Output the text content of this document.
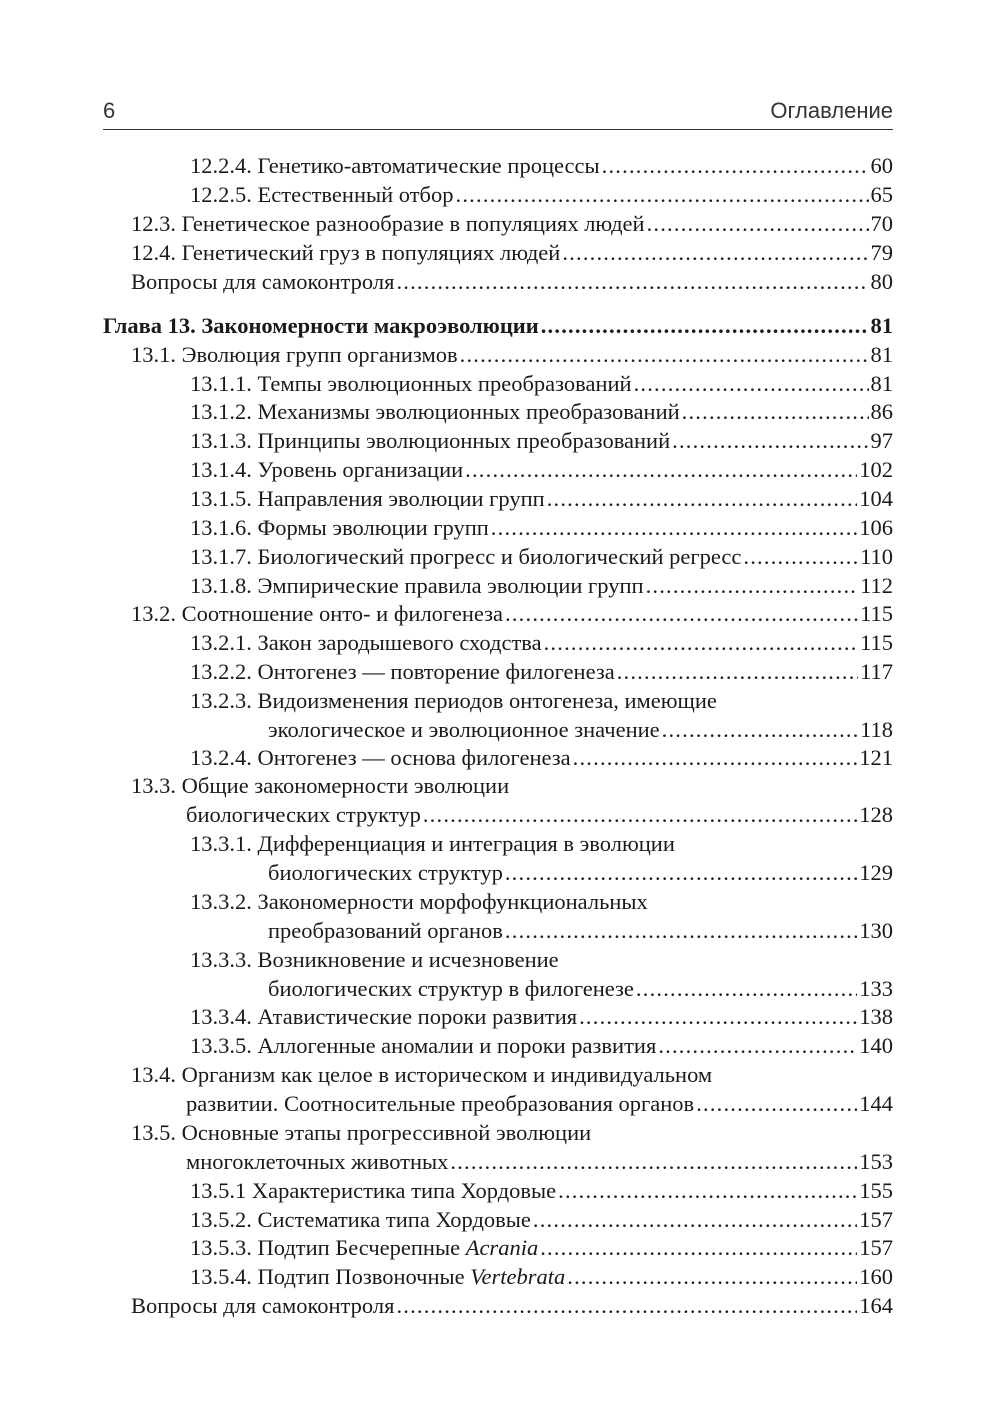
6	Оглавление
12.2.4. Генетико-автоматические процессы .....	60
12.2.5. Естественный отбор .....	65
12.3. Генетическое разнообразие в популяциях людей .....	70
12.4. Генетический груз в популяциях людей .....	79
Вопросы для самоконтроля .....	80
Глава 13. Закономерности макроэволюции .....	81
13.1. Эволюция групп организмов .....	81
13.1.1. Темпы эволюционных преобразований .....	81
13.1.2. Механизмы эволюционных преобразований .....	86
13.1.3. Принципы эволюционных преобразований .....	97
13.1.4. Уровень организации .....	102
13.1.5. Направления эволюции групп .....	104
13.1.6. Формы эволюции групп .....	106
13.1.7. Биологический прогресс и биологический регресс .....	110
13.1.8. Эмпирические правила эволюции групп .....	112
13.2. Соотношение онто- и филогенеза .....	115
13.2.1. Закон зародышевого сходства .....	115
13.2.2. Онтогенез — повторение филогенеза .....	117
13.2.3. Видоизменения периодов онтогенеза, имеющие
экологическое и эволюционное значение .....	118
13.2.4. Онтогенез — основа филогенеза .....	121
13.3. Общие закономерности эволюции
биологических структур .....	128
13.3.1. Дифференциация и интеграция в эволюции
биологических структур .....	129
13.3.2. Закономерности морфофункциональных
преобразований органов .....	130
13.3.3. Возникновение и исчезновение
биологических структур в филогенезе .....	133
13.3.4. Атавистические пороки развития .....	138
13.3.5. Аллогенные аномалии и пороки развития .....	140
13.4. Организм как целое в историческом и индивидуальном
развитии. Соотносительные преобразования органов .....	144
13.5. Основные этапы прогрессивной эволюции
многоклеточных животных .....	153
13.5.1 Характеристика типа Хордовые .....	155
13.5.2. Систематика типа Хордовые .....	157
13.5.3. Подтип Бесчерепные Acrania .....	157
13.5.4. Подтип Позвоночные Vertebrata .....	160
Вопросы для самоконтроля .....	164
